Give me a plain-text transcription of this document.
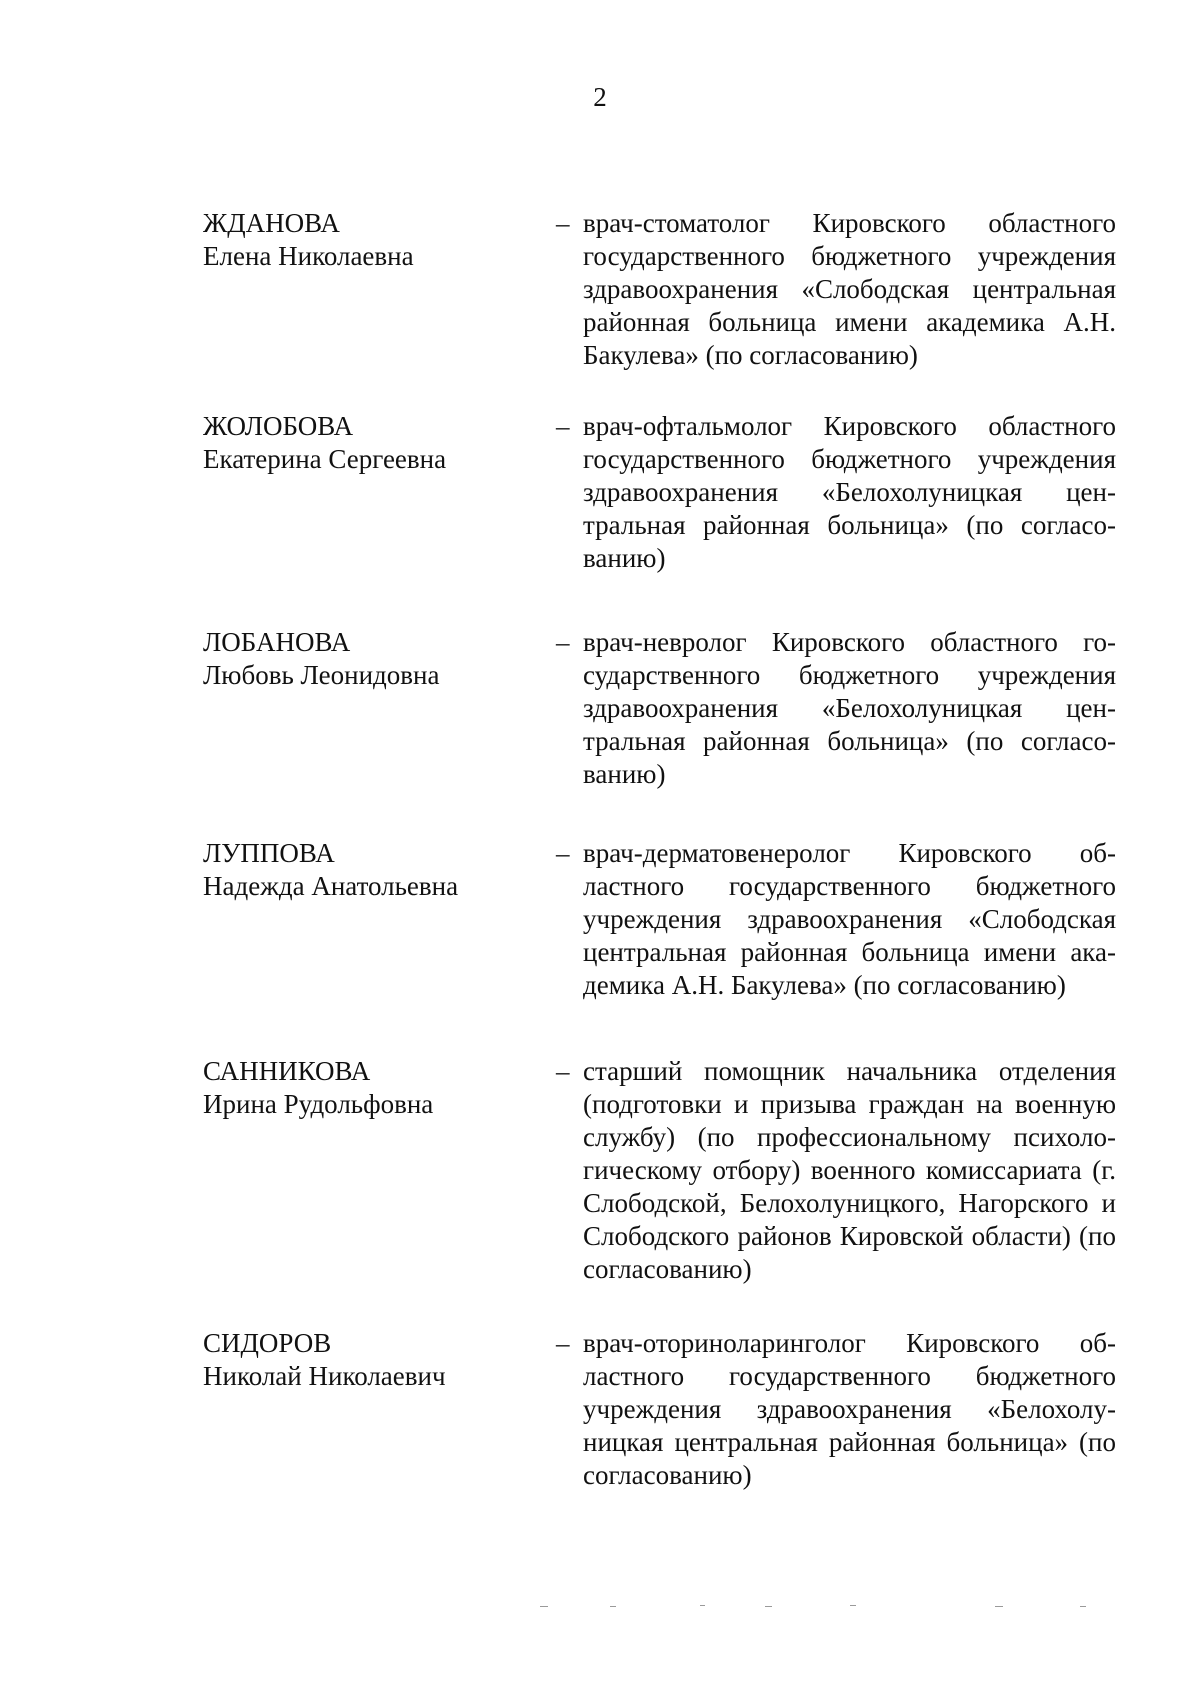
2
ЖДАНОВА
Елена Николаевна
– врач-стоматолог Кировского областного государственного бюджетного учреждения здравоохранения «Слободская центральная районная больница имени академика А.Н. Бакулева» (по согласованию)
ЖОЛОБОВА
Екатерина Сергеевна
– врач-офтальмолог Кировского областного государственного бюджетного учреждения здравоохранения «Белохолуницкая центральная районная больница» (по согласованию)
ЛОБАНОВА
Любовь Леонидовна
– врач-невролог Кировского областного государственного бюджетного учреждения здравоохранения «Белохолуницкая центральная районная больница» (по согласованию)
ЛУППОВА
Надежда Анатольевна
– врач-дерматовенеролог Кировского областного государственного бюджетного учреждения здравоохранения «Слободская центральная районная больница имени академика А.Н. Бакулева» (по согласованию)
САННИКОВА
Ирина Рудольфовна
– старший помощник начальника отделения (подготовки и призыва граждан на военную службу) (по профессиональному психологическому отбору) военного комиссариата (г. Слободской, Белохолуницкого, Нагорского и Слободского районов Кировской области) (по согласованию)
СИДОРОВ
Николай Николаевич
– врач-оториноларинголог Кировского областного государственного бюджетного учреждения здравоохранения «Белохолуницкая центральная районная больница» (по согласованию)
